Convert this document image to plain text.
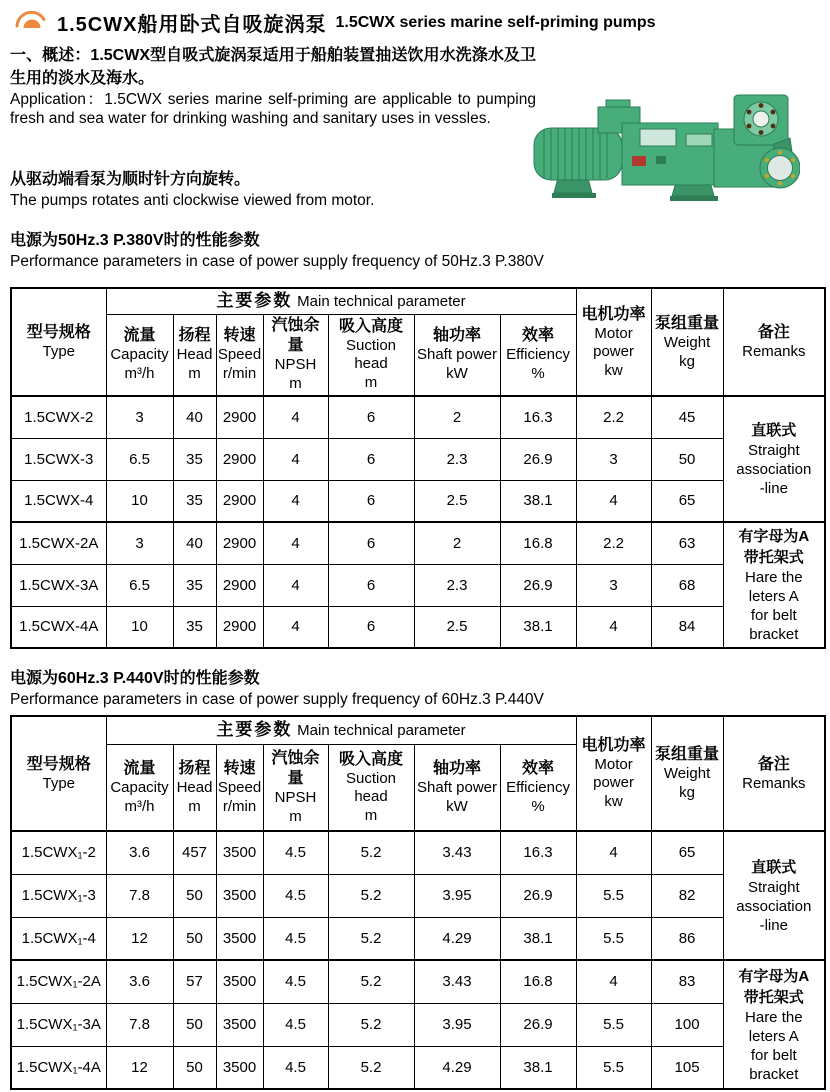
1.5CWX船用卧式自吸旋涡泵 1.5CWX series marine self-priming pumps
一、概述：1.5CWX型自吸式旋涡泵适用于船舶装置抽送饮用水洗涤水及卫生用的淡水及海水。
Application：1.5CWX series marine self-priming are applicable to pumping fresh and sea water for drinking washing and sanitary uses in vessles.
从驱动端看泵为顺时针方向旋转。
The pumps rotates anti clockwise viewed from motor.
电源为50Hz.3 P.380V时的性能参数
Performance parameters in case of power supply frequency of 50Hz.3 P.380V
型号规格
Type	主要参数 Main technical parameter							电机功率
Motor power
kw	泵组重量
Weight
kg	备注
Remanks

	流量
Capacity
m³/h	扬程
Head
m	转速
Speed
r/min	汽蚀余量
NPSH
m	吸入高度
Suction head
m	轴功率
Shaft power
kW	效率
Efficiency
%			

1.5CWX-2	3	40	2900	4	6	2	16.3	2.2	45	直联式
Straight
association
-line

1.5CWX-3	6.5	35	2900	4	6	2.3	26.9	3	50	
1.5CWX-4	10	35	2900	4	6	2.5	38.1	4	65	
1.5CWX-2A	3	40	2900	4	6	2	16.8	2.2	63	有字母为A
带托架式
Hare the
leters A
for belt
bracket

1.5CWX-3A	6.5	35	2900	4	6	2.3	26.9	3	68	
1.5CWX-4A	10	35	2900	4	6	2.5	38.1	4	84	
电源为60Hz.3 P.440V时的性能参数
Performance parameters in case of power supply frequency of 60Hz.3 P.440V
型号规格
Type	主要参数 Main technical parameter							电机功率
Motor power
kw	泵组重量
Weight
kg	备注
Remanks

	流量
Capacity
m³/h	扬程
Head
m	转速
Speed
r/min	汽蚀余量
NPSH
m	吸入高度
Suction head
m	轴功率
Shaft power
kW	效率
Efficiency
%			

1.5CWX₁-2	3.6	457	3500	4.5	5.2	3.43	16.3	4	65	直联式
Straight
association
-line

1.5CWX₁-3	7.8	50	3500	4.5	5.2	3.95	26.9	5.5	82	
1.5CWX₁-4	12	50	3500	4.5	5.2	4.29	38.1	5.5	86	
1.5CWX₁-2A	3.6	57	3500	4.5	5.2	3.43	16.8	4	83	有字母为A
带托架式
Hare the
leters A
for belt
bracket

1.5CWX₁-3A	7.8	50	3500	4.5	5.2	3.95	26.9	5.5	100	
1.5CWX₁-4A	12	50	3500	4.5	5.2	4.29	38.1	5.5	105	
